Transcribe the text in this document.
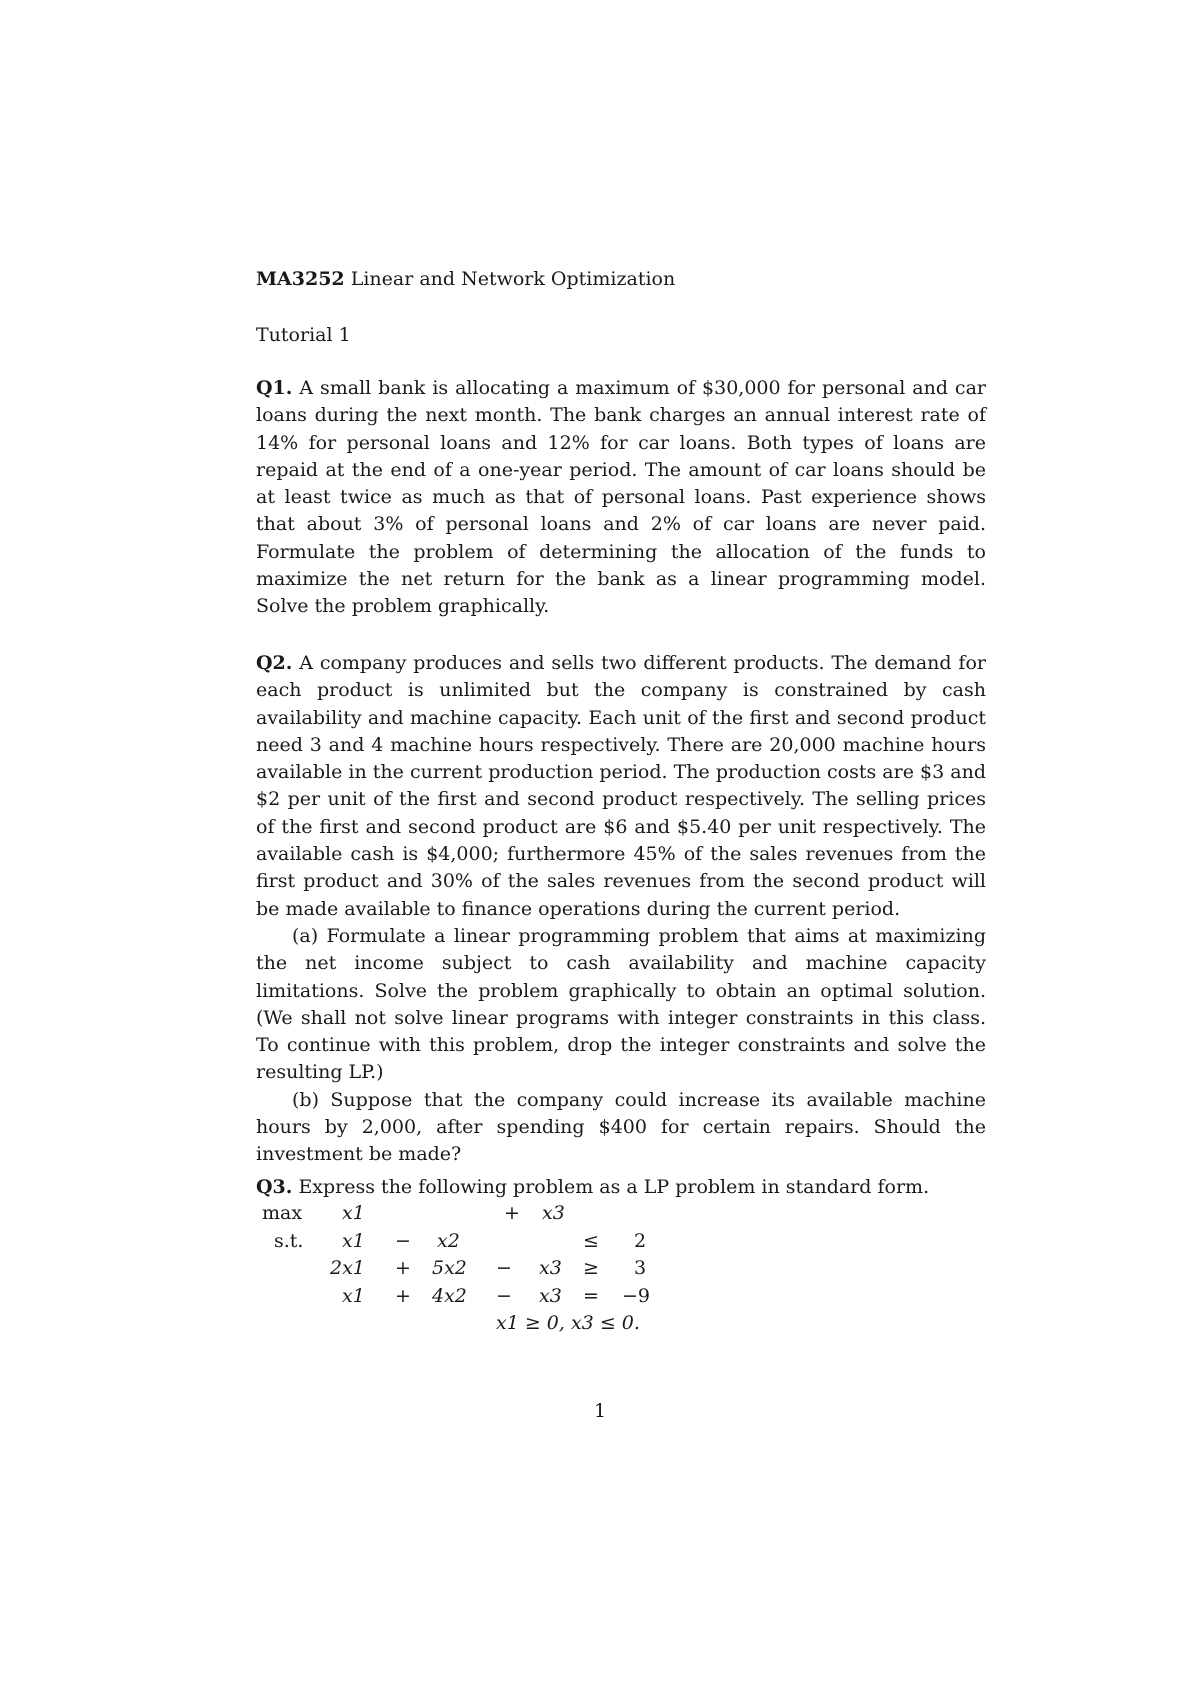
MA3252 Linear and Network Optimization
Tutorial 1

Q1. A small bank is allocating a maximum of $30,000 for personal and car loans during the next month. The bank charges an annual interest rate of 14% for personal loans and 12% for car loans. Both types of loans are repaid at the end of a one-year period. The amount of car loans should be at least twice as much as that of personal loans. Past experience shows that about 3% of personal loans and 2% of car loans are never paid. Formulate the problem of determining the allocation of the funds to maximize the net return for the bank as a linear programming model. Solve the problem graphically.

Q2. A company produces and sells two different products. The demand for each product is unlimited but the company is constrained by cash availability and machine capacity. Each unit of the first and second product need 3 and 4 machine hours respectively. There are 20,000 machine hours available in the current production period. The production costs are $3 and $2 per unit of the first and second product respectively. The selling prices of the first and second product are $6 and $5.40 per unit respectively. The available cash is $4,000; furthermore 45% of the sales revenues from the first product and 30% of the sales revenues from the second product will be made available to finance operations during the current period.

(a) Formulate a linear programming problem that aims at maximizing the net income subject to cash availability and machine capacity limitations. Solve the problem graphically to obtain an optimal solution. (We shall not solve linear programs with integer constraints in this class. To continue with this problem, drop the integer constraints and solve the resulting LP.)

(b) Suppose that the company could increase its available machine hours by 2,000, after spending $400 for certain repairs. Should the investment be made?

Q3. Express the following problem as a LP problem in standard form.

max x1	+ x3
s.t. x1 − x2	≤ 2
2x1 + 5x2 − x3 ≥ 3
x1 + 4x2 − x3 = −9
x1 ≥ 0, x3 ≤ 0.
1
